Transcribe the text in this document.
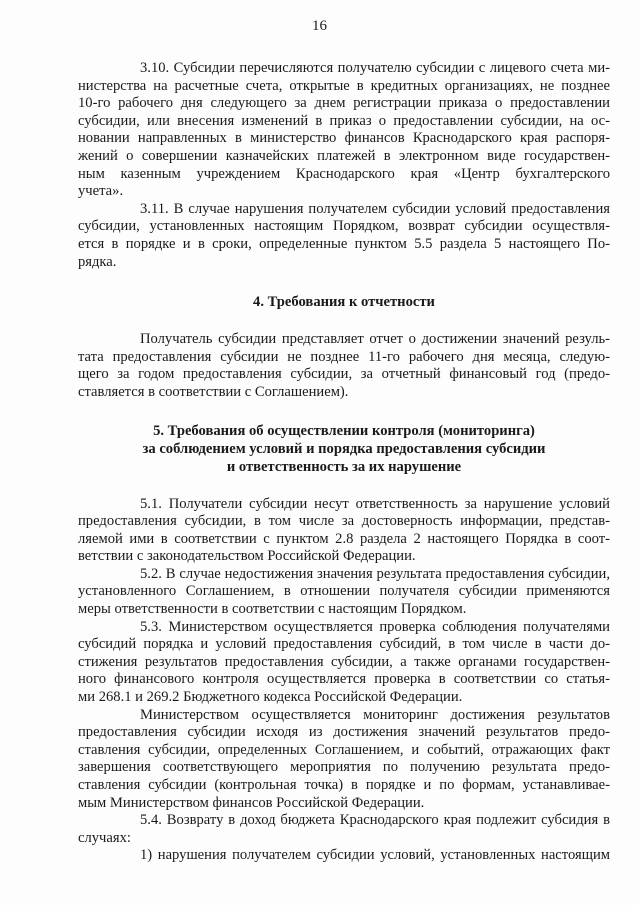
16
3.10. Субсидии перечисляются получателю субсидии с лицевого счета ми-
нистерства на расчетные счета, открытые в кредитных организациях, не позднее
10-го рабочего дня следующего за днем регистрации приказа о предоставлении
субсидии, или внесения изменений в приказ о предоставлении субсидии, на ос-
новании направленных в министерство финансов Краснодарского края распоря-
жений о совершении казначейских платежей в электронном виде государствен-
ным казенным учреждением Краснодарского края «Центр бухгалтерского
учета».
3.11. В случае нарушения получателем субсидии условий предоставления
субсидии, установленных настоящим Порядком, возврат субсидии осуществля-
ется в порядке и в сроки, определенные пунктом 5.5 раздела 5 настоящего По-
рядка.
4. Требования к отчетности
Получатель субсидии представляет отчет о достижении значений резуль-
тата предоставления субсидии не позднее 11-го рабочего дня месяца, следую-
щего за годом предоставления субсидии, за отчетный финансовый год (предо-
ставляется в соответствии с Соглашением).
5. Требования об осуществлении контроля (мониторинга)
за соблюдением условий и порядка предоставления субсидии
и ответственность за их нарушение
5.1. Получатели субсидии несут ответственность за нарушение условий
предоставления субсидии, в том числе за достоверность информации, представ-
ляемой ими в соответствии с пунктом 2.8 раздела 2 настоящего Порядка в соот-
ветствии с законодательством Российской Федерации.
5.2. В случае недостижения значения результата предоставления субсидии,
установленного Соглашением, в отношении получателя субсидии применяются
меры ответственности в соответствии с настоящим Порядком.
5.3. Министерством осуществляется проверка соблюдения получателями
субсидий порядка и условий предоставления субсидий, в том числе в части до-
стижения результатов предоставления субсидии, а также органами государствен-
ного финансового контроля осуществляется проверка в соответствии со статья-
ми 268.1 и 269.2 Бюджетного кодекса Российской Федерации.
Министерством осуществляется мониторинг достижения результатов
предоставления субсидии исходя из достижения значений результатов предо-
ставления субсидии, определенных Соглашением, и событий, отражающих факт
завершения соответствующего мероприятия по получению результата предо-
ставления субсидии (контрольная точка) в порядке и по формам, устанавливае-
мым Министерством финансов Российской Федерации.
5.4. Возврату в доход бюджета Краснодарского края подлежит субсидия в
случаях:
1) нарушения получателем субсидии условий, установленных настоящим
